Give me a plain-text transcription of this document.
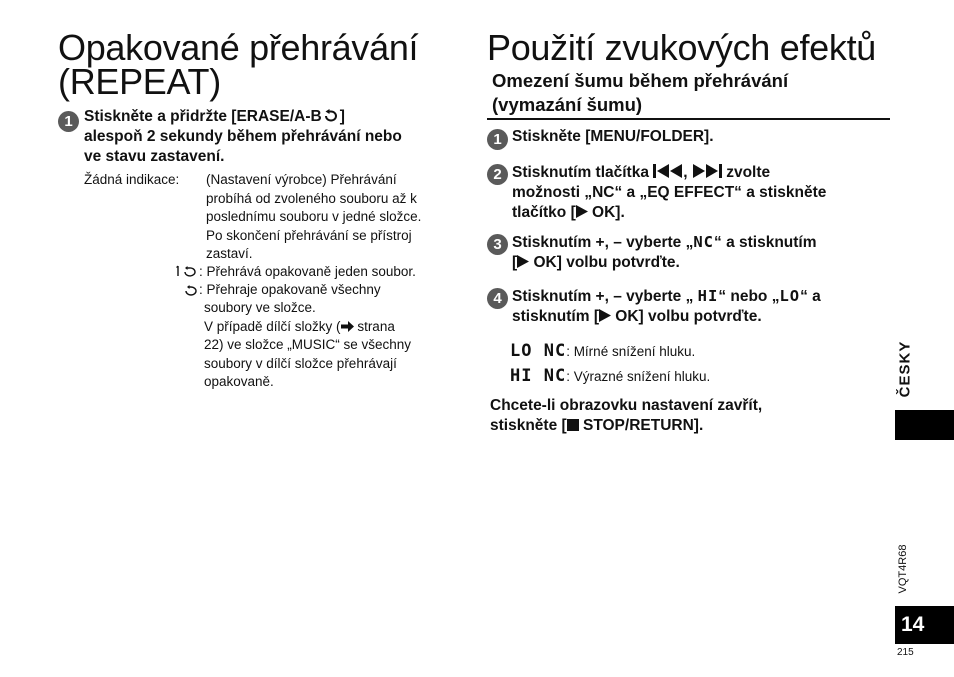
Opakované přehrávání
(REPEAT)
1 Stiskněte a přidržte [ERASE/A-B ]
alespoň 2 sekundy během přehrávání nebo
ve stavu zastavení.
Žádná indikace: (Nastavení výrobce) Přehrávání
probíhá od zvoleného souboru až k
poslednímu souboru v jedné složce.
Po skončení přehrávání se přístroj
zastaví.
: Přehrává opakovaně jeden soubor.
: Přehraje opakovaně všechny
soubory ve složce.
V případě dílčí složky ( strana
22) ve složce „MUSIC“ se všechny
soubory v dílčí složce přehrávají
opakovaně.
Použití zvukových efektů
Omezení šumu během přehrávání
(vymazání šumu)
1 Stiskněte [MENU/FOLDER].
2 Stisknutím tlačítka ,  zvolte
možnosti „NC“ a „EQ EFFECT“ a stiskněte
tlačítko [ OK].
3 Stisknutím +, – vyberte „NC“ a stisknutím
[ OK] volbu potvrďte.
4 Stisknutím +, – vyberte „ HI“ nebo „LO“ a
stisknutím [ OK] volbu potvrďte.
LO NC: Mírné snížení hluku.
HI NC: Výrazné snížení hluku.
Chcete-li obrazovku nastavení zavřít,
stiskněte [ STOP/RETURN].
ČESKY
VQT4R68
14
215
